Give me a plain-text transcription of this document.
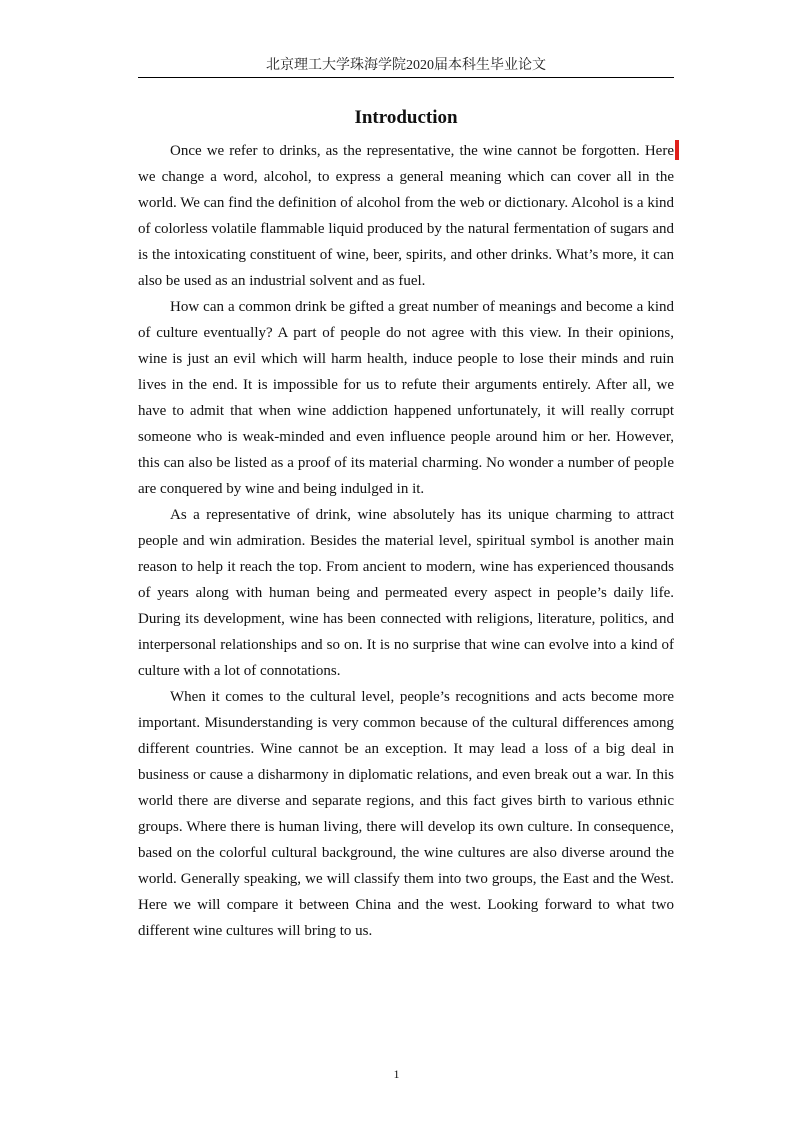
北京理工大学珠海学院2020届本科生毕业论文
Introduction

Once we refer to drinks, as the representative, the wine cannot be forgotten. Here we change a word, alcohol, to express a general meaning which can cover all in the world. We can find the definition of alcohol from the web or dictionary. Alcohol is a kind of colorless volatile flammable liquid produced by the natural fermentation of sugars and is the intoxicating constituent of wine, beer, spirits, and other drinks. What’s more, it can also be used as an industrial solvent and as fuel.

How can a common drink be gifted a great number of meanings and become a kind of culture eventually? A part of people do not agree with this view. In their opinions, wine is just an evil which will harm health, induce people to lose their minds and ruin lives in the end. It is impossible for us to refute their arguments entirely. After all, we have to admit that when wine addiction happened unfortunately, it will really corrupt someone who is weak-minded and even influence people around him or her. However, this can also be listed as a proof of its material charming. No wonder a number of people are conquered by wine and being indulged in it.

As a representative of drink, wine absolutely has its unique charming to attract people and win admiration. Besides the material level, spiritual symbol is another main reason to help it reach the top. From ancient to modern, wine has experienced thousands of years along with human being and permeated every aspect in people’s daily life. During its development, wine has been connected with religions, literature, politics, and interpersonal relationships and so on. It is no surprise that wine can evolve into a kind of culture with a lot of connotations.

When it comes to the cultural level, people’s recognitions and acts become more important. Misunderstanding is very common because of the cultural differences among different countries. Wine cannot be an exception. It may lead a loss of a big deal in business or cause a disharmony in diplomatic relations, and even break out a war. In this world there are diverse and separate regions, and this fact gives birth to various ethnic groups. Where there is human living, there will develop its own culture. In consequence, based on the colorful cultural background, the wine cultures are also diverse around the world. Generally speaking, we will classify them into two groups, the East and the West. Here we will compare it between China and the west. Looking forward to what two different wine cultures will bring to us.

1
